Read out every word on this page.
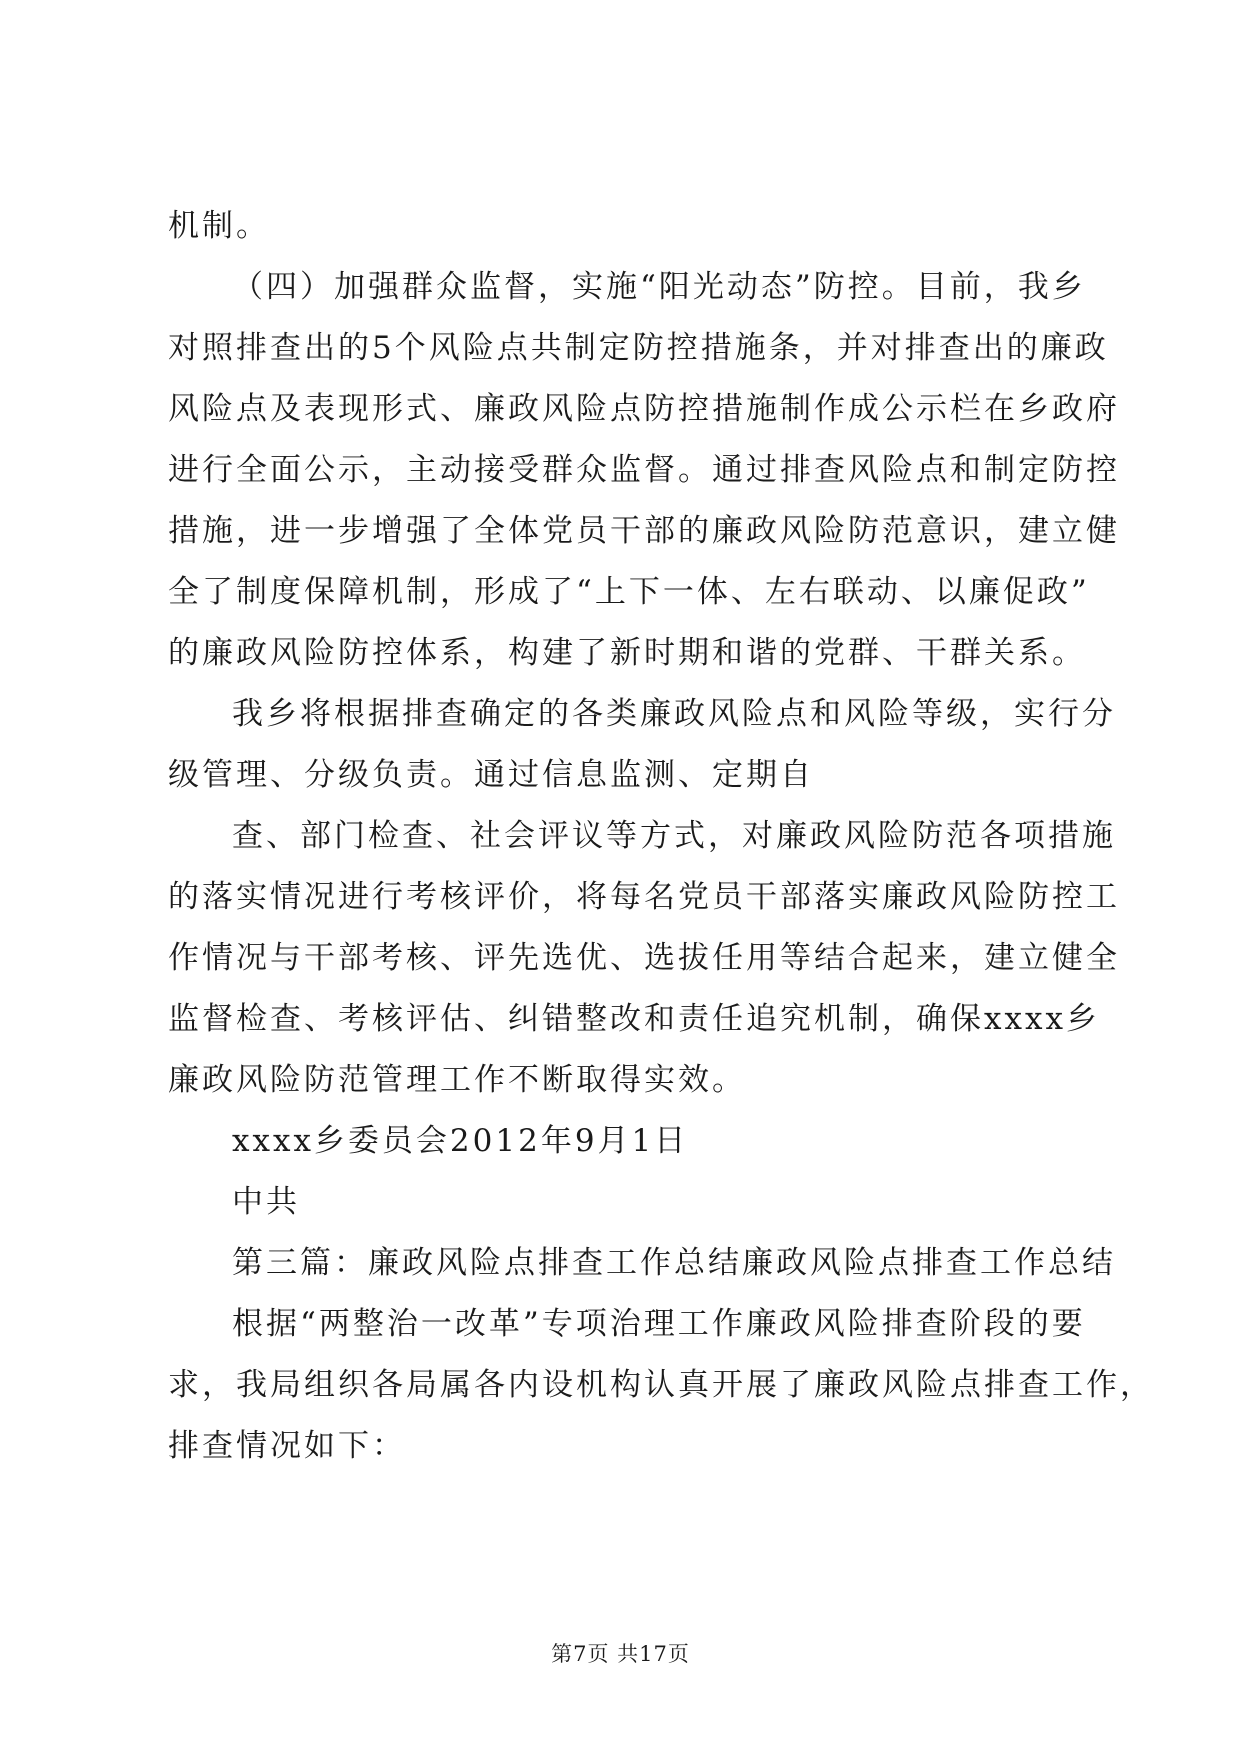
机制。
（四）加强群众监督，实施“阳光动态”防控。目前，我乡
对照排查出的5个风险点共制定防控措施条，并对排查出的廉政
风险点及表现形式、廉政风险点防控措施制作成公示栏在乡政府
进行全面公示，主动接受群众监督。通过排查风险点和制定防控
措施，进一步增强了全体党员干部的廉政风险防范意识，建立健
全了制度保障机制，形成了“上下一体、左右联动、以廉促政”
的廉政风险防控体系，构建了新时期和谐的党群、干群关系。
我乡将根据排查确定的各类廉政风险点和风险等级，实行分
级管理、分级负责。通过信息监测、定期自
查、部门检查、社会评议等方式，对廉政风险防范各项措施
的落实情况进行考核评价，将每名党员干部落实廉政风险防控工
作情况与干部考核、评先选优、选拔任用等结合起来，建立健全
监督检查、考核评估、纠错整改和责任追究机制，确保xxxx乡
廉政风险防范管理工作不断取得实效。
xxxx乡委员会2012年9月1日
中共
第三篇：廉政风险点排查工作总结廉政风险点排查工作总结
根据“两整治一改革”专项治理工作廉政风险排查阶段的要
求，我局组织各局属各内设机构认真开展了廉政风险点排查工作，
排查情况如下：
第7页 共17页
